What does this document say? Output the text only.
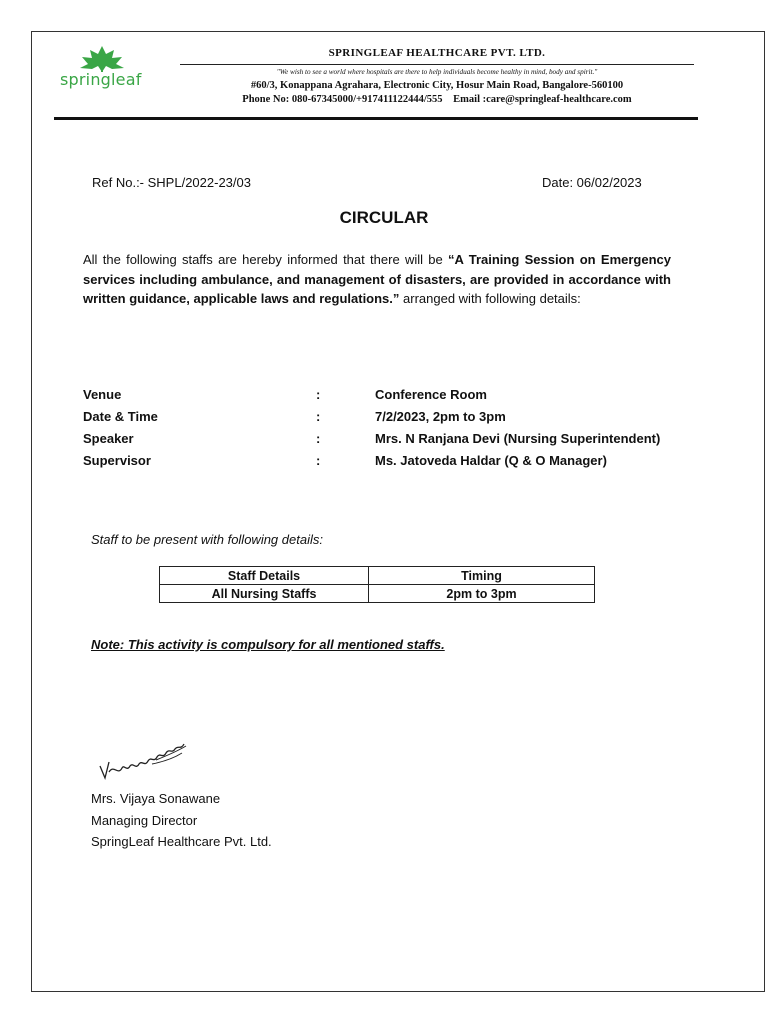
springleaf
SPRINGLEAF HEALTHCARE PVT. LTD.
"We wish to see a world where hospitals are there to help individuals become healthy in mind, body and spirit."
#60/3, Konappana Agrahara, Electronic City, Hosur Main Road, Bangalore-560100
Phone No: 080-67345000/+917411122444/555 Email :care@springleaf-healthcare.com
Ref No.:- SHPL/2022-23/03	Date: 06/02/2023
CIRCULAR
All the following staffs are hereby informed that there will be “A Training Session on Emergency services including ambulance, and management of disasters, are provided in accordance with written guidance, applicable laws and regulations.” arranged with following details:
Venue	:	Conference Room
Date & Time	:	7/2/2023, 2pm to 3pm
Speaker	:	Mrs. N Ranjana Devi (Nursing Superintendent)
Supervisor	:	Ms. Jatoveda Haldar (Q & O Manager)
Staff to be present with following details:
Staff Details	Timing
All Nursing Staffs	2pm to 3pm
Note: This activity is compulsory for all mentioned staffs.
Mrs. Vijaya Sonawane
Managing Director
SpringLeaf Healthcare Pvt. Ltd.
